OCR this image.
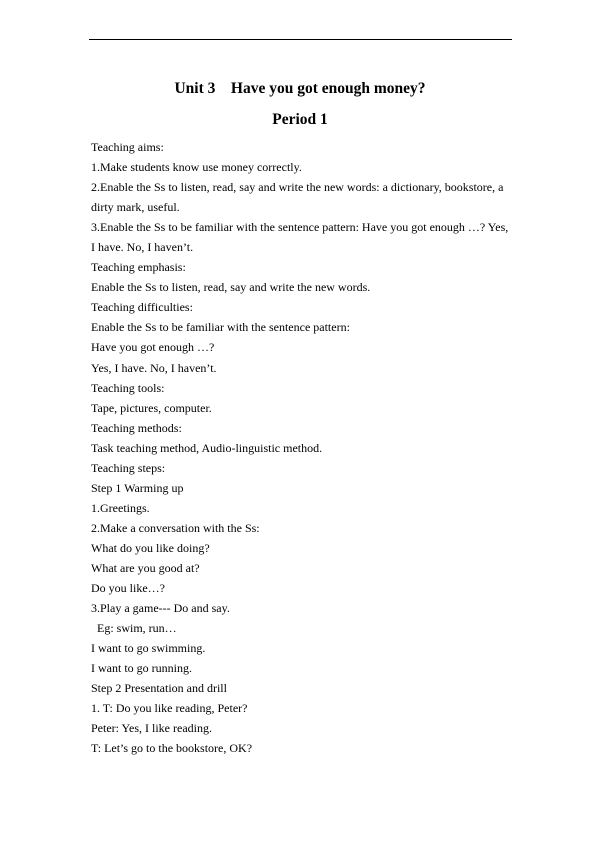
Unit 3    Have you got enough money?
Period 1
Teaching aims:
1.Make students know use money correctly.
2.Enable the Ss to listen, read, say and write the new words: a dictionary, bookstore, a
dirty mark, useful.
3.Enable the Ss to be familiar with the sentence pattern: Have you got enough …? Yes,
I have. No, I haven’t.
Teaching emphasis:
Enable the Ss to listen, read, say and write the new words.
Teaching difficulties:
Enable the Ss to be familiar with the sentence pattern:
Have you got enough …?
Yes, I have. No, I haven’t.
Teaching tools:
Tape, pictures, computer.
Teaching methods:
Task teaching method, Audio-linguistic method.
Teaching steps:
Step 1 Warming up
1.Greetings.
2.Make a conversation with the Ss:
What do you like doing?
What are you good at?
Do you like…?
3.Play a game--- Do and say.
Eg: swim, run…
I want to go swimming.
I want to go running.
Step 2 Presentation and drill
1. T: Do you like reading, Peter?
Peter: Yes, I like reading.
T: Let’s go to the bookstore, OK?
